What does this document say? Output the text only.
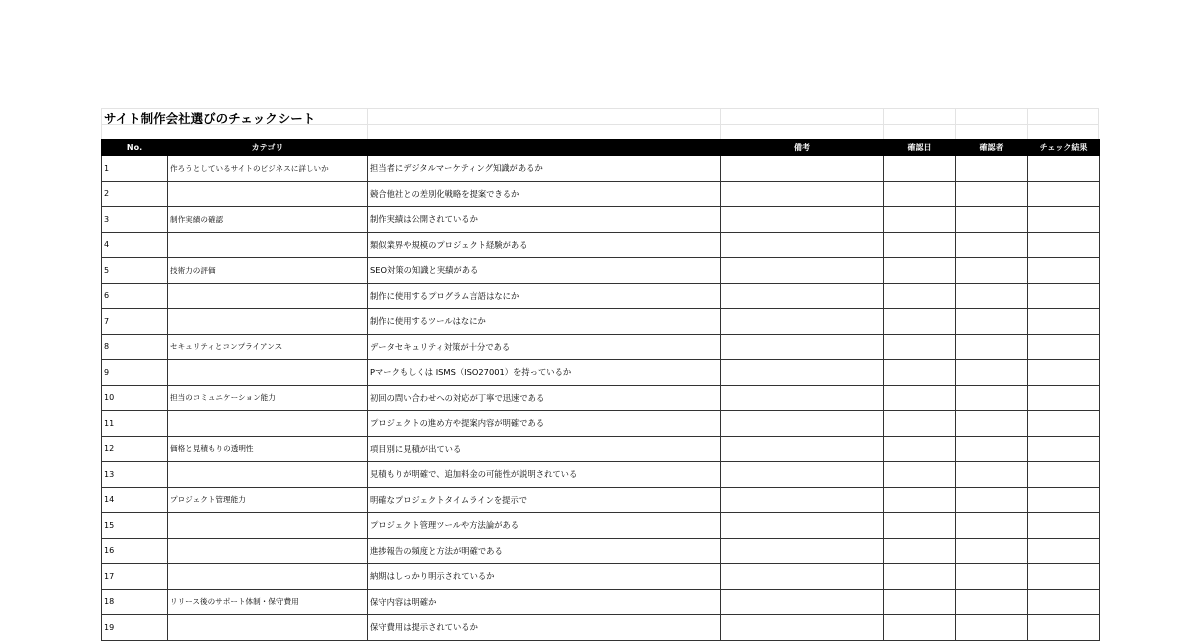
サイト制作会社選びのチェックシート
No.	カテゴリ		備考	確認日	確認者	チェック結果
1	作ろうとしているサイトのビジネスに詳しいか	担当者にデジタルマーケティング知識があるか				
2		競合他社との差別化戦略を提案できるか				
3	制作実績の確認	制作実績は公開されているか				
4		類似業界や規模のプロジェクト経験がある				
5	技術力の評価	SEO対策の知識と実績がある				
6		制作に使用するプログラム言語はなにか				
7		制作に使用するツールはなにか				
8	セキュリティとコンプライアンス	データセキュリティ対策が十分である				
9		Pマークもしくは ISMS（ISO27001）を持っているか				
10	担当のコミュニケーション能力	初回の問い合わせへの対応が丁寧で迅速である				
11		プロジェクトの進め方や提案内容が明確である				
12	価格と見積もりの透明性	項目別に見積が出ている				
13		見積もりが明確で、追加料金の可能性が説明されている				
14	プロジェクト管理能力	明確なプロジェクトタイムラインを提示で				
15		プロジェクト管理ツールや方法論がある				
16		進捗報告の頻度と方法が明確である				
17		納期はしっかり明示されているか				
18	リリース後のサポート体制・保守費用	保守内容は明確か				
19		保守費用は提示されているか				
